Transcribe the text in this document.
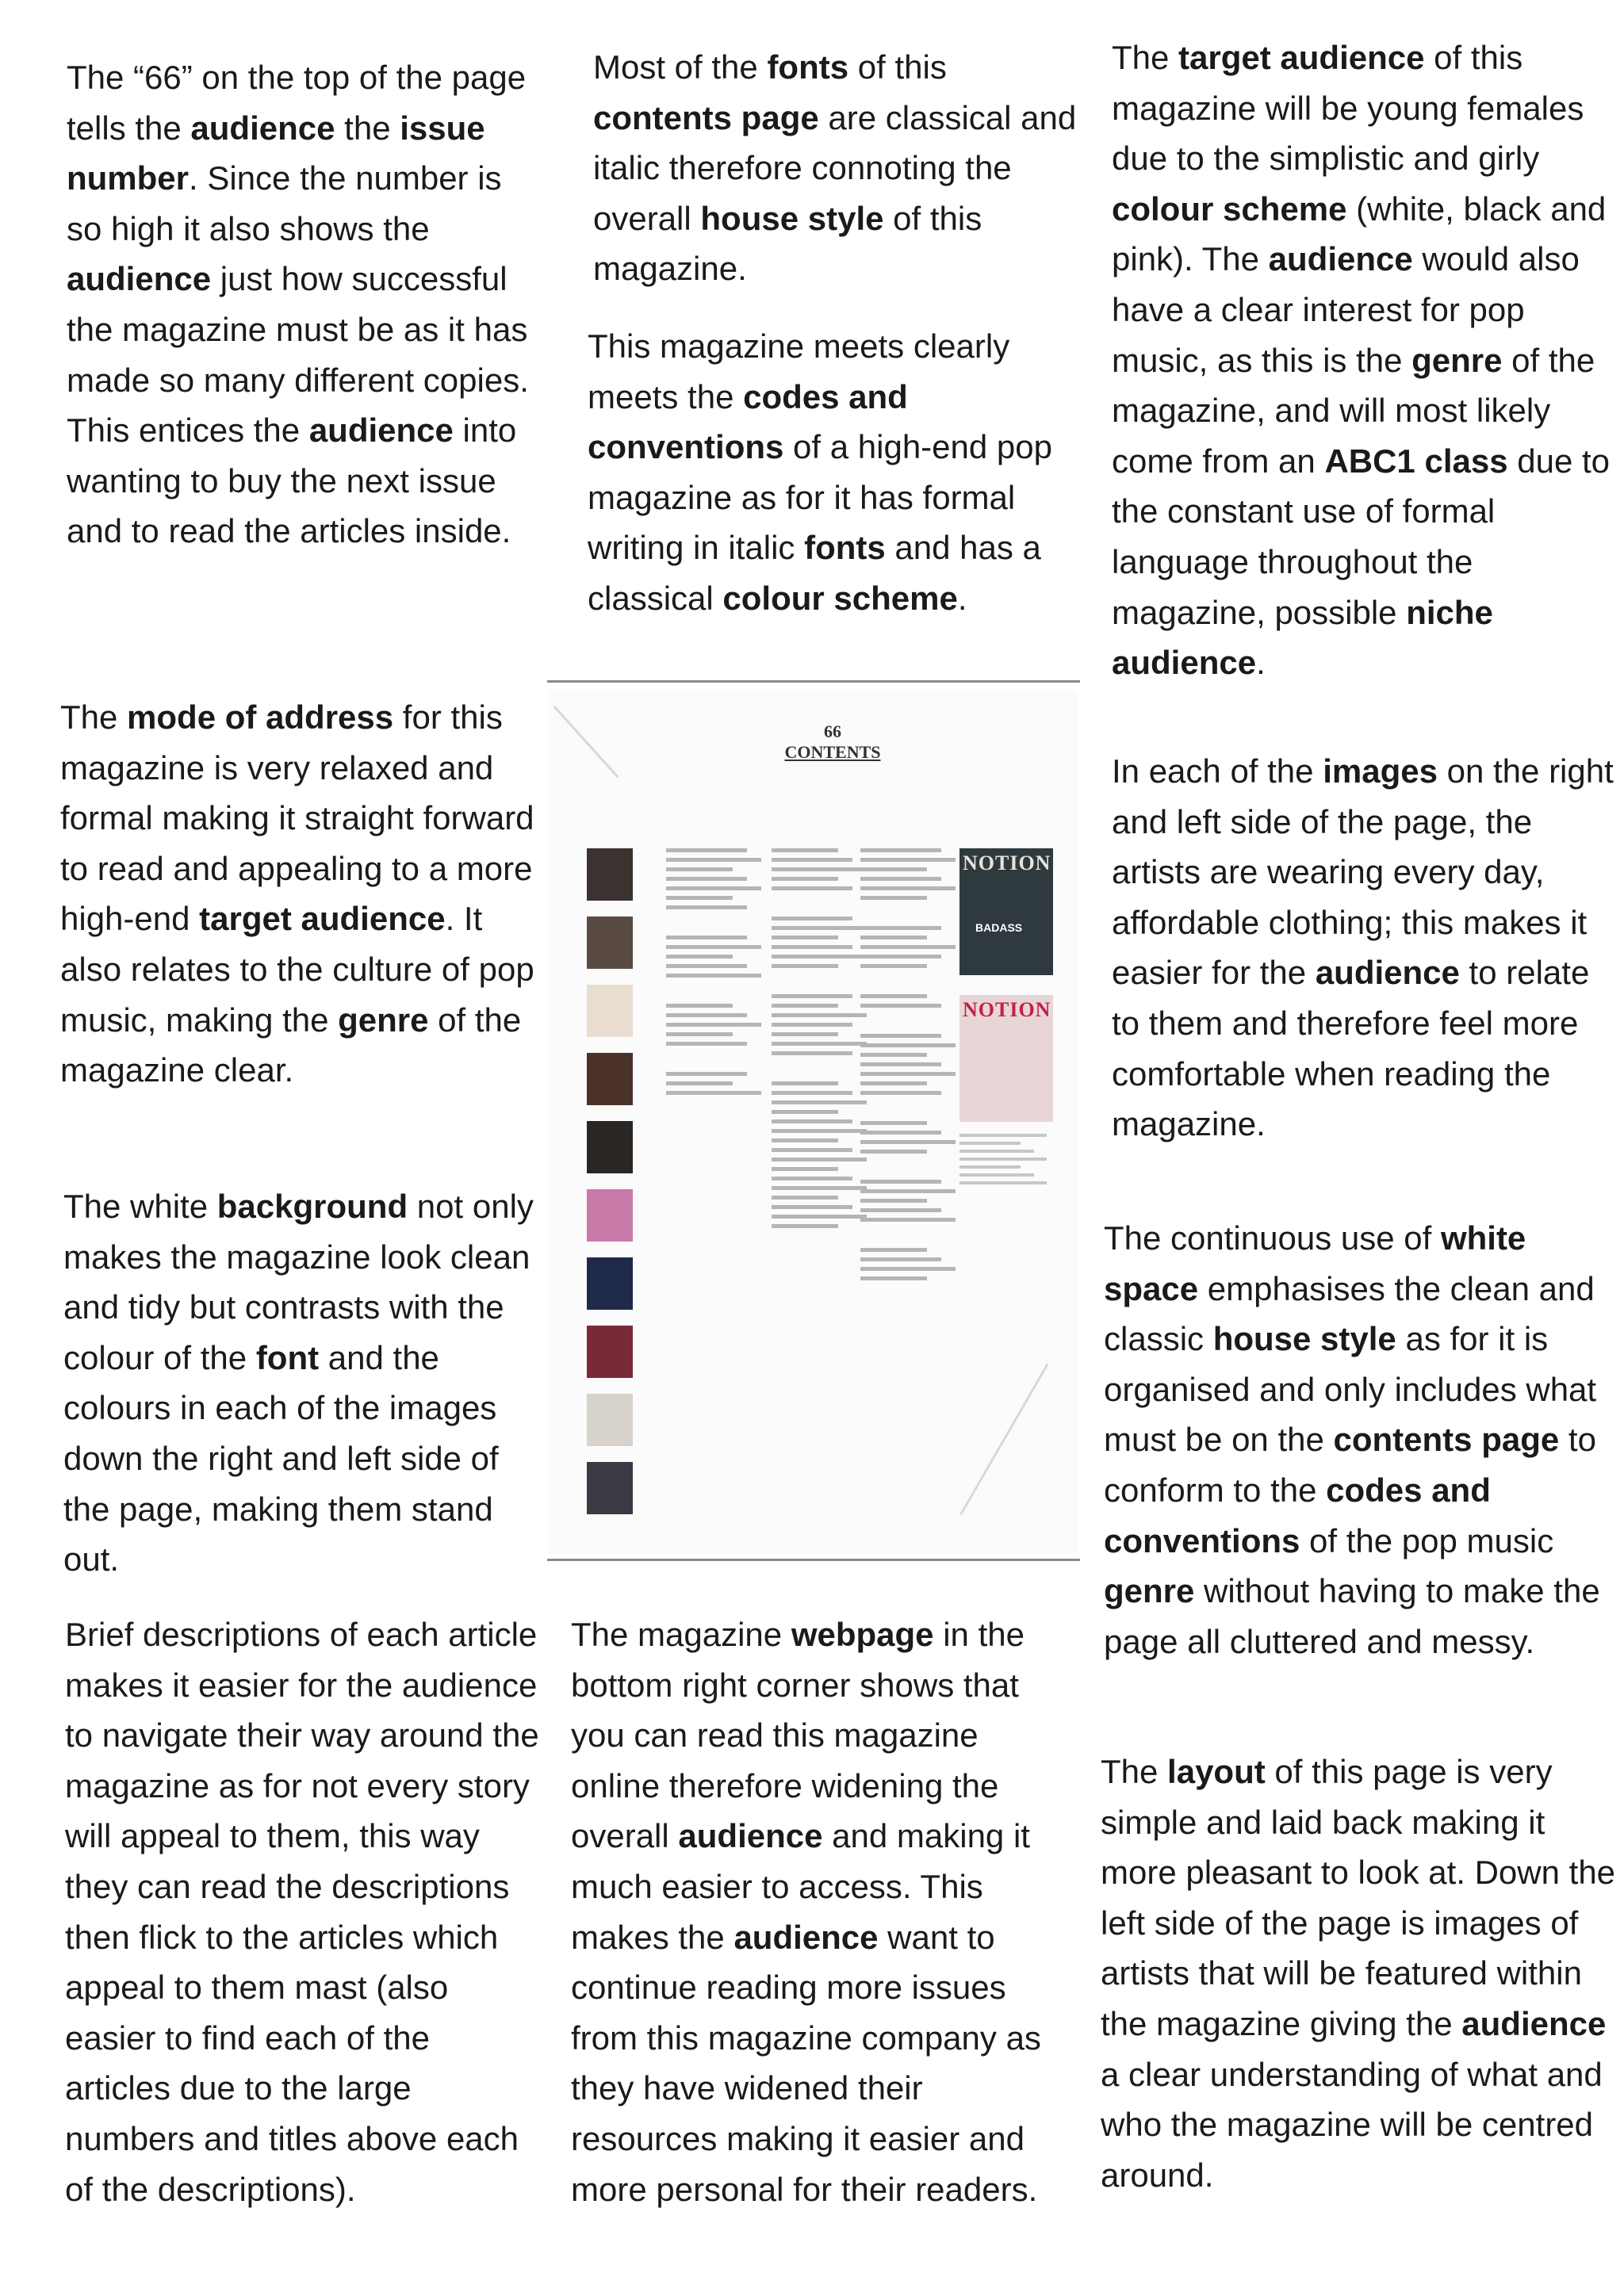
The “66” on the top of the page tells the audience the issue number. Since the number is so high it also shows the audience just how successful the magazine must be as it has made so many different copies. This entices the audience into wanting to buy the next issue and to read the articles inside.

The mode of address for this magazine is very relaxed and formal making it straight forward to read and appealing to a more high-end target audience. It also relates to the culture of pop music, making the genre of the magazine clear.

The white background not only makes the magazine look clean and tidy but contrasts with the colour of the font and the colours in each of the images down the right and left side of the page, making them stand out.

Brief descriptions of each article makes it easier for the audience to navigate their way around the magazine as for not every story will appeal to them, this way they can read the descriptions then flick to the articles which appeal to them mast (also easier to find each of the articles due to the large numbers and titles above each of the descriptions).

Most of the fonts of this contents page are classical and italic therefore connoting the overall house style of this magazine.

This magazine meets clearly meets the codes and conventions of a high-end pop magazine as for it has formal writing in italic fonts and has a classical colour scheme.

66
CONTENTS
NOTION
BADASS
NOTION

The magazine webpage in the bottom right corner shows that you can read this magazine online therefore widening the overall audience and making it much easier to access. This makes the audience want to continue reading more issues from this magazine company as they have widened their resources making it easier and more personal for their readers.

The target audience of this magazine will be young females due to the simplistic and girly colour scheme (white, black and pink). The audience would also have a clear interest for pop music, as this is the genre of the magazine, and will most likely come from an ABC1 class due to the constant use of formal language throughout the magazine, possible niche audience.

In each of the images on the right and left side of the page, the artists are wearing every day, affordable clothing; this makes it easier for the audience to relate to them and therefore feel more comfortable when reading the magazine.

The continuous use of white space emphasises the clean and classic house style as for it is organised and only includes what must be on the contents page to conform to the codes and conventions of the pop music genre without having to make the page all cluttered and messy.

The layout of this page is very simple and laid back making it more pleasant to look at. Down the left side of the page is images of artists that will be featured within the magazine giving the audience a clear understanding of what and who the magazine will be centred around.
